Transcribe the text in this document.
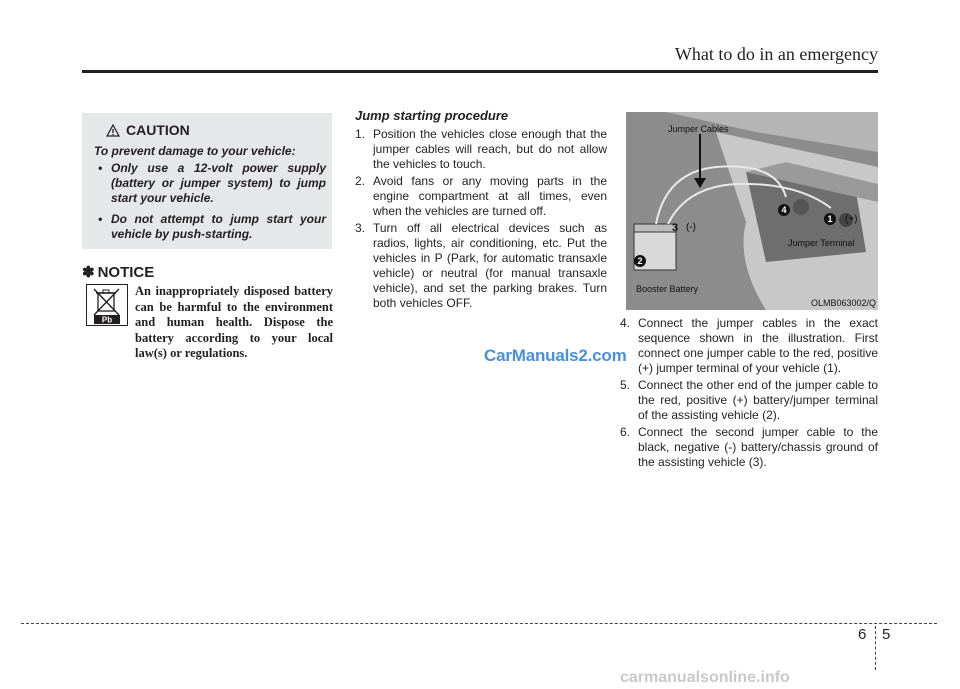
What to do in an emergency
CAUTION
To prevent damage to your vehicle:
• Only use a 12-volt power supply (battery or jumper system) to jump start your vehicle.
• Do not attempt to jump start your vehicle by push-starting.
✽ NOTICE
Pb
An inappropriately disposed battery can be harmful to the environment and human health. Dispose the battery according to your local law(s) or regulations.
Jump starting procedure
1. Position the vehicles close enough that the jumper cables will reach, but do not allow the vehicles to touch.
2. Avoid fans or any moving parts in the engine compartment at all times, even when the vehicles are turned off.
3. Turn off all electrical devices such as radios, lights, air conditioning, etc. Put the vehicles in P (Park, for automatic transaxle vehicle) or neutral (for manual transaxle vehicle), and set the parking brakes. Turn both vehicles OFF.
Jumper Cables
Jumper Terminal
Booster Battery
OLMB063002/Q
1	(+)
2
3 (-)
4
4. Connect the jumper cables in the exact sequence shown in the illustration. First connect one jumper cable to the red, positive (+) jumper terminal of your vehicle (1).
5. Connect the other end of the jumper cable to the red, positive (+) battery/jumper terminal of the assisting vehicle (2).
6. Connect the second jumper cable to the black, negative (-) battery/chassis ground of the assisting vehicle (3).
CarManuals2.com
6 5
carmanualsonline.info
